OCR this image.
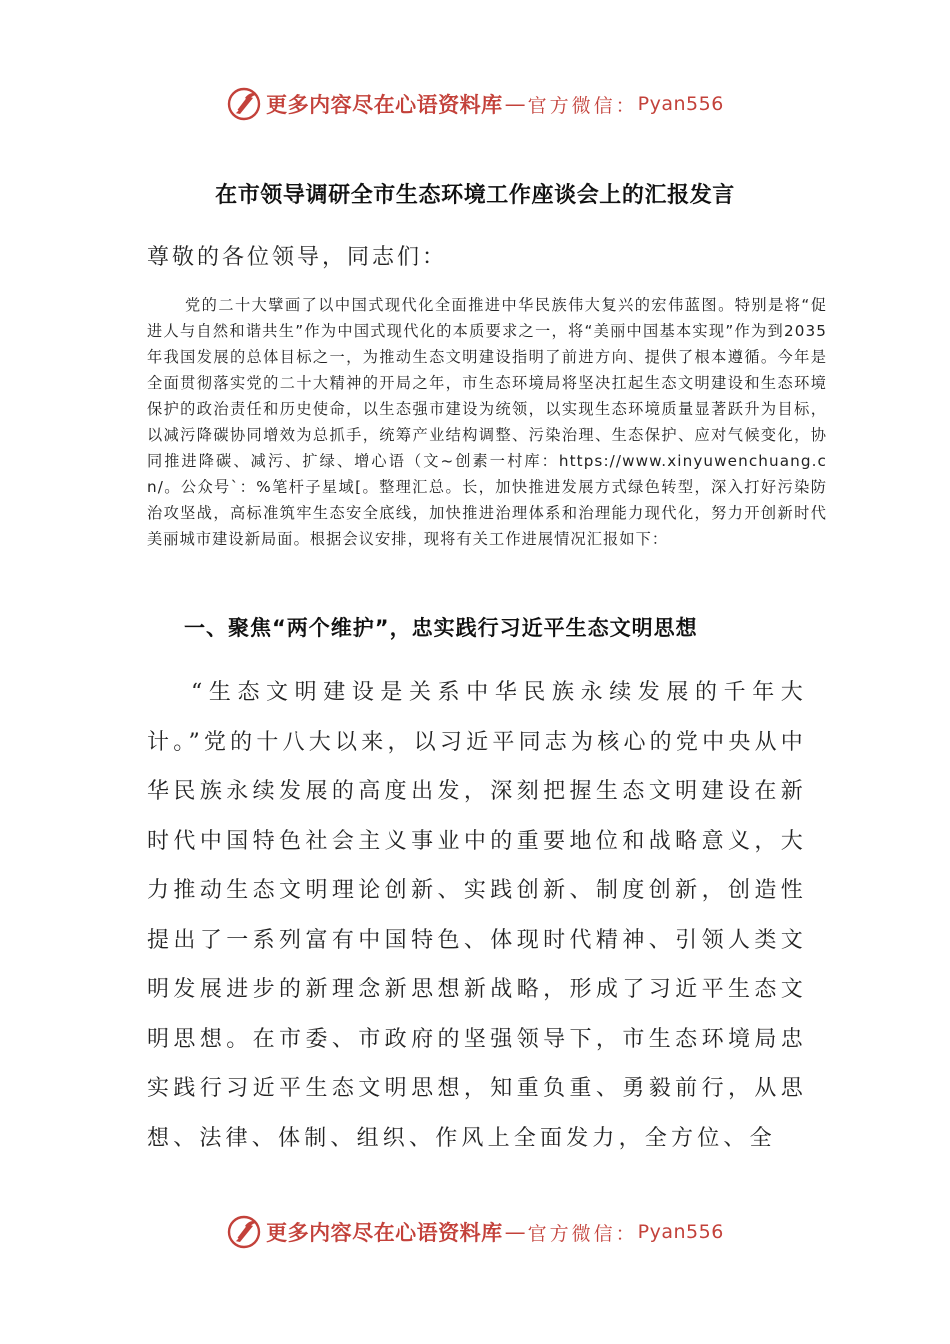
更多内容尽在心语资料库 — 官方微信： Pyan556
在市领导调研全市生态环境工作座谈会上的汇报发言
尊敬的各位领导，同志们：

党的二十大擘画了以中国式现代化全面推进中华民族伟大复兴的宏伟蓝图。特别是将“促进人与自然和谐共生”作为中国式现代化的本质要求之一，将“美丽中国基本实现”作为到2035年我国发展的总体目标之一，为推动生态文明建设指明了前进方向、提供了根本遵循。今年是全面贯彻落实党的二十大精神的开局之年，市生态环境局将坚决扛起生态文明建设和生态环境保护的政治责任和历史使命，以生态强市建设为统领，以实现生态环境质量显著跃升为目标，以减污降碳协同增效为总抓手，统筹产业结构调整、污染治理、生态保护、应对气候变化，协同推进降碳、减污、扩绿、增心语（文~创素一村库：https://www.xinyuwenchuang.cn/。公众号`：%笔杆子星域[。整理汇总。长，加快推进发展方式绿色转型，深入打好污染防治攻坚战，高标准筑牢生态安全底线，加快推进治理体系和治理能力现代化，努力开创新时代美丽城市建设新局面。根据会议安排，现将有关工作进展情况汇报如下：

一、聚焦“两个维护”，忠实践行习近平生态文明思想

“生态文明建设是关系中华民族永续发展的千年大计。”党的十八大以来，以习近平同志为核心的党中央从中华民族永续发展的高度出发，深刻把握生态文明建设在新时代中国特色社会主义事业中的重要地位和战略意义，大力推动生态文明理论创新、实践创新、制度创新，创造性提出了一系列富有中国特色、体现时代精神、引领人类文明发展进步的新理念新思想新战略，形成了习近平生态文明思想。在市委、市政府的坚强领导下，市生态环境局忠实践行习近平生态文明思想，知重负重、勇毅前行，从思想、法律、体制、组织、作风上全面发力，全方位、全

更多内容尽在心语资料库 — 官方微信： Pyan556
